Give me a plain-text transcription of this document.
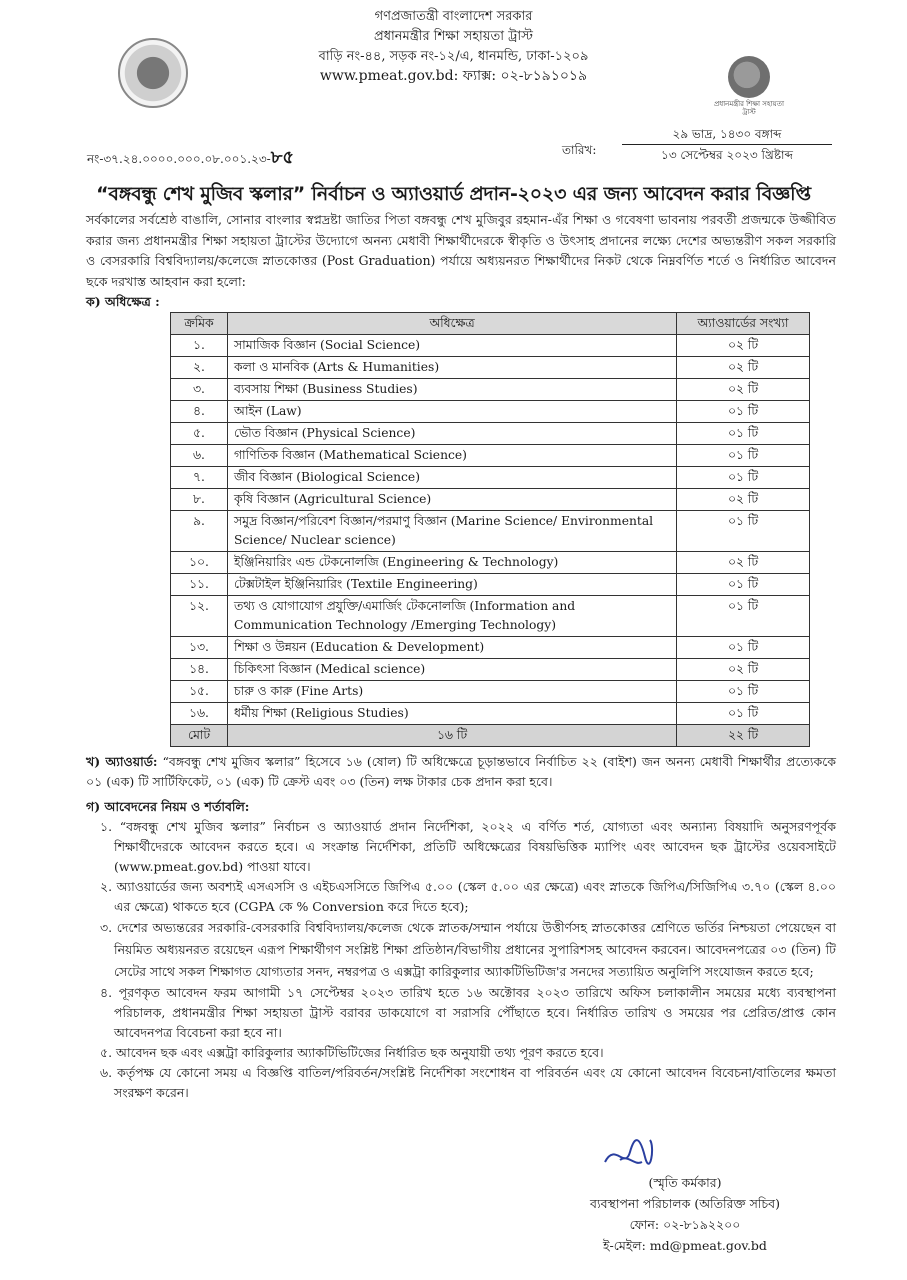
প্রধানমন্ত্রীর শিক্ষা সহায়তা ট্রাস্ট
গণপ্রজাতন্ত্রী বাংলাদেশ সরকার
প্রধানমন্ত্রীর শিক্ষা সহায়তা ট্রাস্ট
বাড়ি নং-৪৪, সড়ক নং-১২/এ, ধানমন্ডি, ঢাকা-১২০৯
www.pmeat.gov.bd: ফ্যাক্স: ০২-৮১৯১০১৯
নং-৩৭.২৪.০০০০.০০০.০৮.০০১.২৩-৮৫	তারিখ:
২৯ ভাদ্র, ১৪৩০ বঙ্গাব্দ
১৩ সেপ্টেম্বর ২০২৩ খ্রিষ্টাব্দ
“বঙ্গবন্ধু শেখ মুজিব স্কলার” নির্বাচন ও অ্যাওয়ার্ড প্রদান-২০২৩ এর জন্য আবেদন করার বিজ্ঞপ্তি
সর্বকালের সর্বশ্রেষ্ঠ বাঙালি, সোনার বাংলার স্বপ্নদ্রষ্টা জাতির পিতা বঙ্গবন্ধু শেখ মুজিবুর রহমান-এঁর শিক্ষা ও গবেষণা ভাবনায় পরবর্তী প্রজন্মকে উজ্জীবিত করার জন্য প্রধানমন্ত্রীর শিক্ষা সহায়তা ট্রাস্টের উদ্যোগে অনন্য মেধাবী শিক্ষার্থীদেরকে স্বীকৃতি ও উৎসাহ প্রদানের লক্ষ্যে দেশের অভ্যন্তরীণ সকল সরকারি ও বেসরকারি বিশ্ববিদ্যালয়/কলেজে স্নাতকোত্তর (Post Graduation) পর্যায়ে অধ্যয়নরত শিক্ষার্থীদের নিকট থেকে নিম্নবর্ণিত শর্তে ও নির্ধারিত আবেদন ছকে দরখাস্ত আহবান করা হলো:
ক) অধিক্ষেত্র :
ক্রমিক	অধিক্ষেত্র	অ্যাওয়ার্ডের সংখ্যা
১.	সামাজিক বিজ্ঞান (Social Science)	০২ টি
২.	কলা ও মানবিক (Arts & Humanities)	০২ টি
৩.	ব্যবসায় শিক্ষা (Business Studies)	০২ টি
৪.	আইন (Law)	০১ টি
৫.	ভৌত বিজ্ঞান (Physical Science)	০১ টি
৬.	গাণিতিক বিজ্ঞান (Mathematical Science)	০১ টি
৭.	জীব বিজ্ঞান (Biological Science)	০১ টি
৮.	কৃষি বিজ্ঞান (Agricultural Science)	০২ টি
৯.	সমুদ্র বিজ্ঞান/পরিবেশ বিজ্ঞান/পরমাণু বিজ্ঞান (Marine Science/ Environmental Science/ Nuclear science)	০১ টি
১০.	ইঞ্জিনিয়ারিং এন্ড টেকনোলজি (Engineering & Technology)	০২ টি
১১.	টেক্সটাইল ইঞ্জিনিয়ারিং (Textile Engineering)	০১ টি
১২.	তথ্য ও যোগাযোগ প্রযুক্তি/এমার্জিং টেকনোলজি (Information and Communication Technology /Emerging Technology)	০১ টি
১৩.	শিক্ষা ও উন্নয়ন (Education & Development)	০১ টি
১৪.	চিকিৎসা বিজ্ঞান (Medical science)	০২ টি
১৫.	চারু ও কারু (Fine Arts)	০১ টি
১৬.	ধর্মীয় শিক্ষা (Religious Studies)	০১ টি
মোট	১৬ টি	২২ টি
খ) অ্যাওয়ার্ড: “বঙ্গবন্ধু শেখ মুজিব স্কলার” হিসেবে ১৬ (ষোল) টি অধিক্ষেত্রে চূড়ান্তভাবে নির্বাচিত ২২ (বাইশ) জন অনন্য মেধাবী শিক্ষার্থীর প্রত্যেককে ০১ (এক) টি সার্টিফিকেট, ০১ (এক) টি ক্রেস্ট এবং ০৩ (তিন) লক্ষ টাকার চেক প্রদান করা হবে।
গ) আবেদনের নিয়ম ও শর্তাবলি:
১. “বঙ্গবন্ধু শেখ মুজিব স্কলার” নির্বাচন ও অ্যাওয়ার্ড প্রদান নির্দেশিকা, ২০২২ এ বর্ণিত শর্ত, যোগ্যতা এবং অন্যান্য বিষয়াদি অনুসরণপূর্বক শিক্ষার্থীদেরকে আবেদন করতে হবে। এ সংক্রান্ত নির্দেশিকা, প্রতিটি অধিক্ষেত্রের বিষয়ভিত্তিক ম্যাপিং এবং আবেদন ছক ট্রাস্টের ওয়েবসাইটে (www.pmeat.gov.bd) পাওয়া যাবে।
২. অ্যাওয়ার্ডের জন্য অবশ্যই এসএসসি ও এইচএসসিতে জিপিএ ৫.০০ (স্কেল ৫.০০ এর ক্ষেত্রে) এবং স্নাতকে জিপিএ/সিজিপিএ ৩.৭০ (স্কেল ৪.০০ এর ক্ষেত্রে) থাকতে হবে (CGPA কে % Conversion করে দিতে হবে);
৩. দেশের অভ্যন্তরের সরকারি-বেসরকারি বিশ্ববিদ্যালয়/কলেজ থেকে স্নাতক/সম্মান পর্যায়ে উত্তীর্ণসহ স্নাতকোত্তর শ্রেণিতে ভর্তির নিশ্চয়তা পেয়েছেন বা নিয়মিত অধ্যয়নরত রয়েছেন এরূপ শিক্ষার্থীগণ সংশ্লিষ্ট শিক্ষা প্রতিষ্ঠান/বিভাগীয় প্রধানের সুপারিশসহ আবেদন করবেন। আবেদনপত্রের ০৩ (তিন) টি সেটের সাথে সকল শিক্ষাগত যোগ্যতার সনদ, নম্বরপত্র ও এক্সট্রা কারিকুলার অ্যাকটিভিটিজ'র সনদের সত্যায়িত অনুলিপি সংযোজন করতে হবে;
৪. পূরণকৃত আবেদন ফরম আগামী ১৭ সেপ্টেম্বর ২০২৩ তারিখ হতে ১৬ অক্টোবর ২০২৩ তারিখে অফিস চলাকালীন সময়ের মধ্যে ব্যবস্থাপনা পরিচালক, প্রধানমন্ত্রীর শিক্ষা সহায়তা ট্রাস্ট বরাবর ডাকযোগে বা সরাসরি পৌঁছাতে হবে। নির্ধারিত তারিখ ও সময়ের পর প্রেরিত/প্রাপ্ত কোন আবেদনপত্র বিবেচনা করা হবে না।
৫. আবেদন ছক এবং এক্সট্রা কারিকুলার অ্যাকটিভিটিজের নির্ধারিত ছক অনুযায়ী তথ্য পূরণ করতে হবে।
৬. কর্তৃপক্ষ যে কোনো সময় এ বিজ্ঞপ্তি বাতিল/পরিবর্তন/সংশ্লিষ্ট নির্দেশিকা সংশোধন বা পরিবর্তন এবং যে কোনো আবেদন বিবেচনা/বাতিলের ক্ষমতা সংরক্ষণ করেন।
(স্মৃতি কর্মকার)
ব্যবস্থাপনা পরিচালক (অতিরিক্ত সচিব)
ফোন: ০২-৮১৯২২০০
ই-মেইল: md@pmeat.gov.bd
